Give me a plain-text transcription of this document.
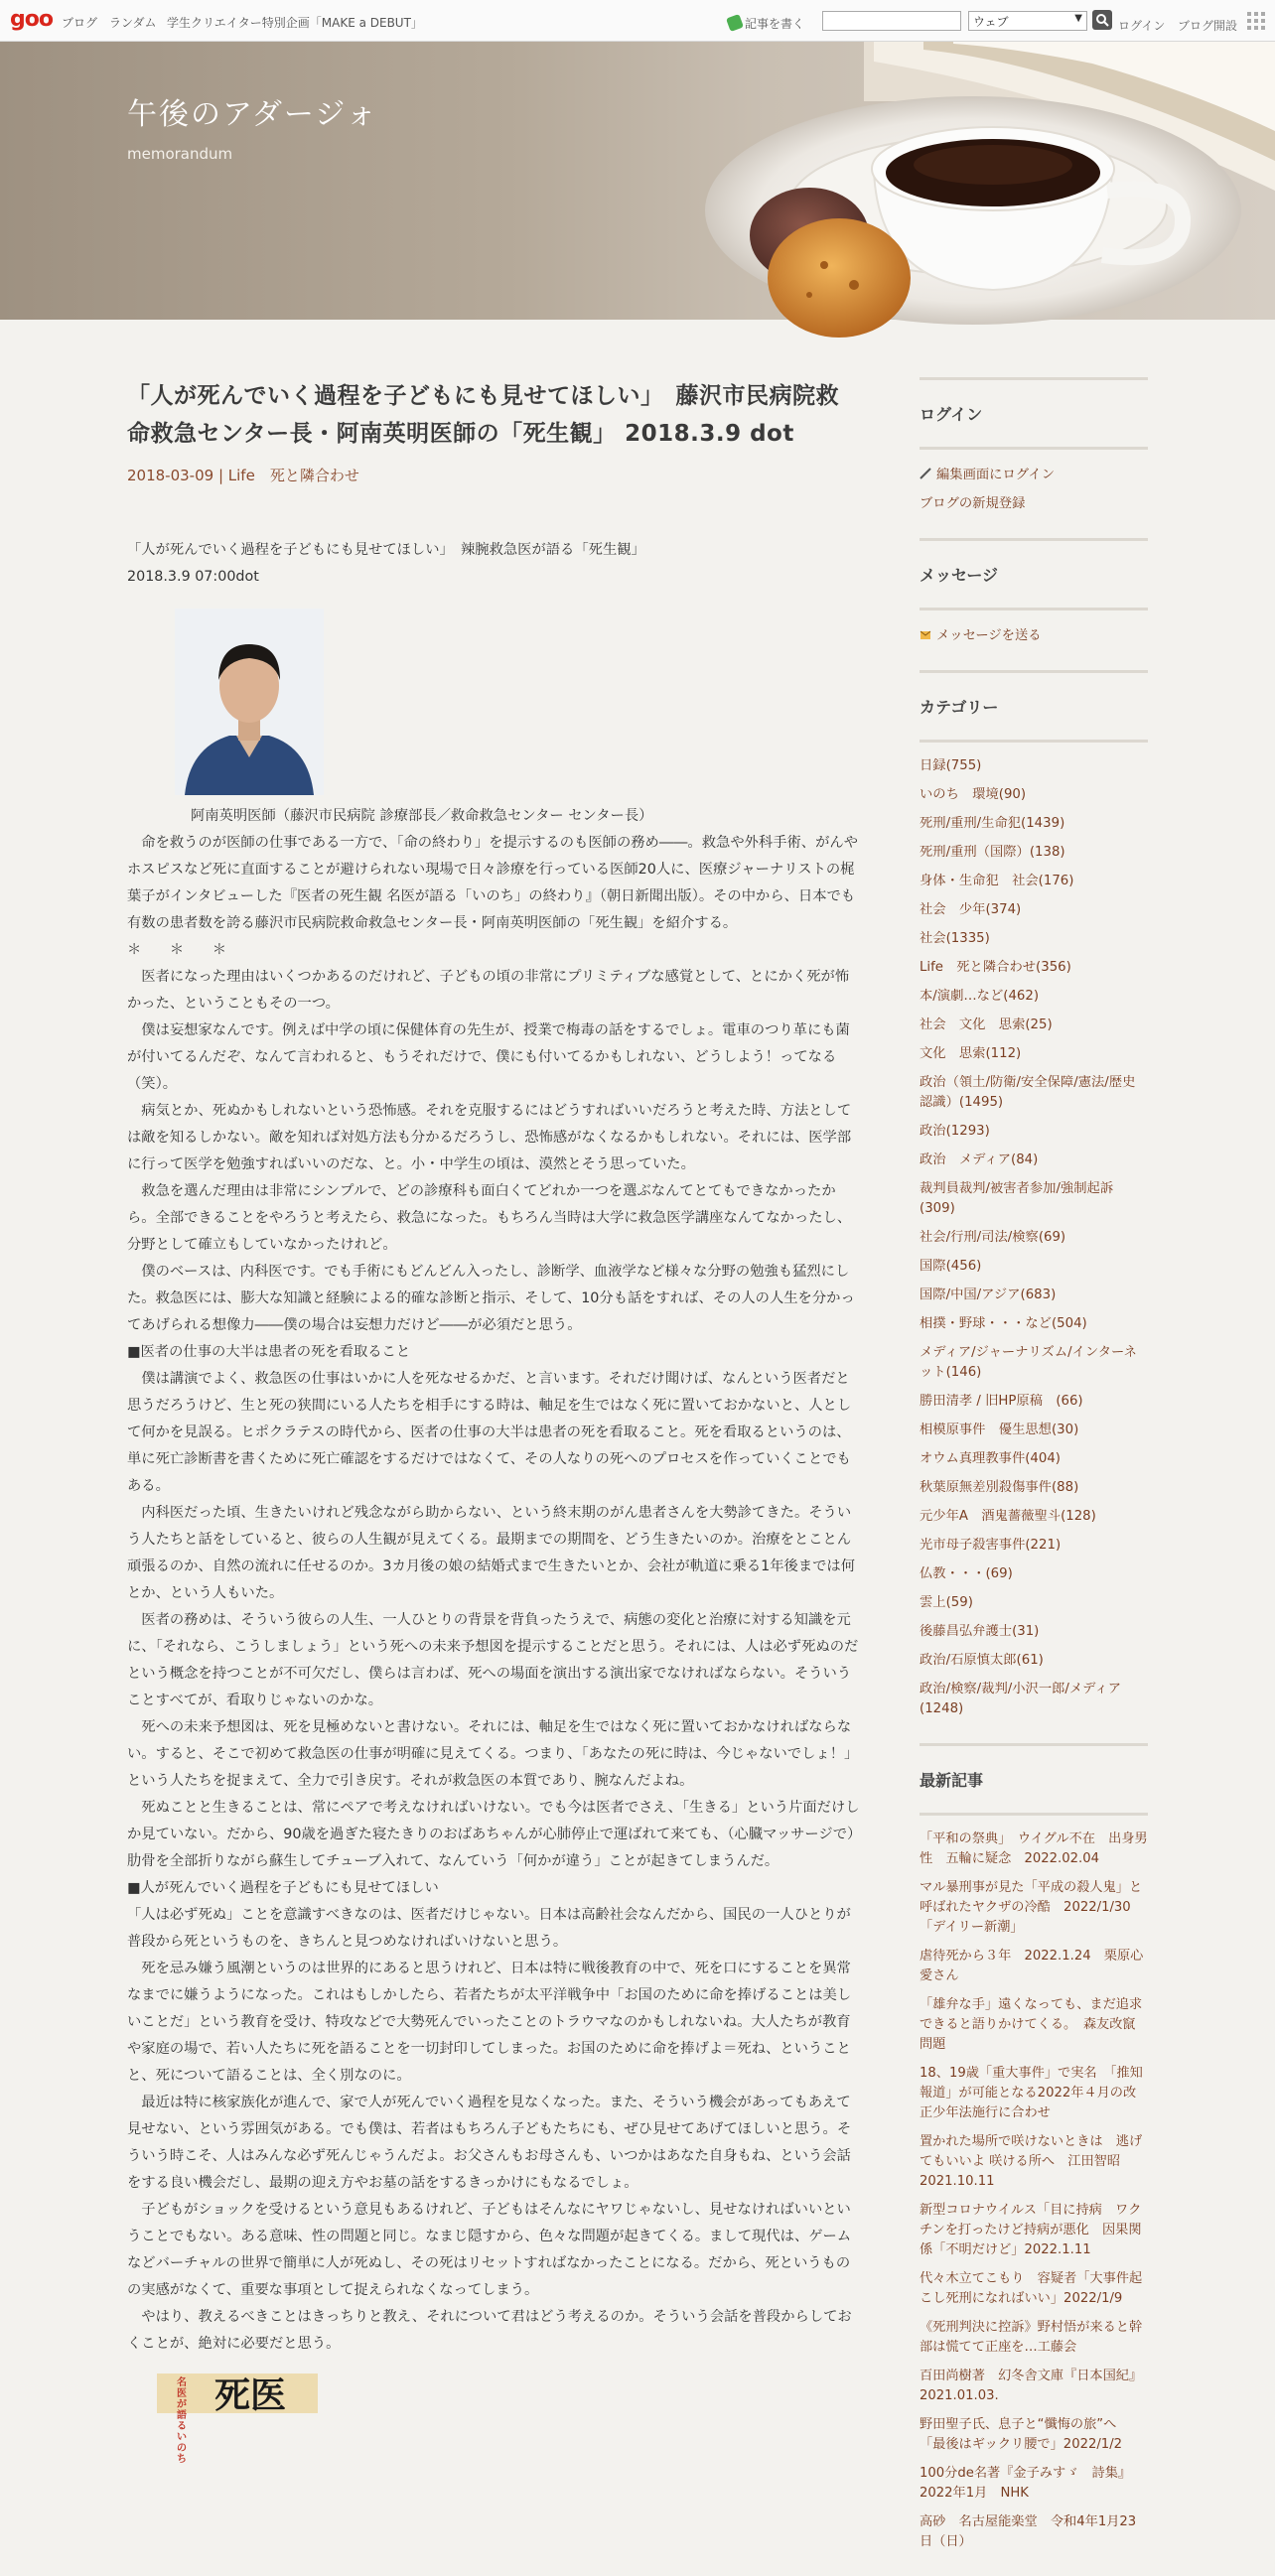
goo ブログ ランダム 学生クリエイター特別企画「MAKE a DEBUT」	記事を書く	ウェブ	▼
ログイン ブログ開設
午後のアダージォ
memorandum
「人が死んでいく過程を子どもにも見せてほしい」　藤沢市民病院救命救急センター長・阿南英明医師の「死生観」 2018.3.9 dot
2018-03-09 | Life　死と隣合わせ

「人が死んでいく過程を子どもにも見せてほしい」　辣腕救急医が語る「死生観」

2018.3.9 07:00dot

阿南英明医師（藤沢市民病院 診療部長／救命救急センター センター長）

　命を救うのが医師の仕事である一方で、「命の終わり」を提示するのも医師の務め――。救急や外科手術、がんやホスピスなど死に直面することが避けられない現場で日々診療を行っている医師20人に、医療ジャーナリストの梶葉子がインタビューした『医者の死生観 名医が語る「いのち」の終わり』（朝日新聞出版）。その中から、日本でも有数の患者数を誇る藤沢市民病院救命救急センター長・阿南英明医師の「死生観」を紹介する。

＊　　＊　　＊

　医者になった理由はいくつかあるのだけれど、子どもの頃の非常にプリミティブな感覚として、とにかく死が怖かった、ということもその一つ。

　僕は妄想家なんです。例えば中学の頃に保健体育の先生が、授業で梅毒の話をするでしょ。電車のつり革にも菌が付いてるんだぞ、なんて言われると、もうそれだけで、僕にも付いてるかもしれない、どうしよう！ってなる（笑）。

　病気とか、死ぬかもしれないという恐怖感。それを克服するにはどうすればいいだろうと考えた時、方法としては敵を知るしかない。敵を知れば対処方法も分かるだろうし、恐怖感がなくなるかもしれない。それには、医学部に行って医学を勉強すればいいのだな、と。小・中学生の頃は、漠然とそう思っていた。

　救急を選んだ理由は非常にシンプルで、どの診療科も面白くてどれか一つを選ぶなんてとてもできなかったから。全部できることをやろうと考えたら、救急になった。もちろん当時は大学に救急医学講座なんてなかったし、分野として確立もしていなかったけれど。

　僕のベースは、内科医です。でも手術にもどんどん入ったし、診断学、血液学など様々な分野の勉強も猛烈にした。救急医には、膨大な知識と経験による的確な診断と指示、そして、10分も話をすれば、その人の人生を分かってあげられる想像力――僕の場合は妄想力だけど――が必須だと思う。

■医者の仕事の大半は患者の死を看取ること

　僕は講演でよく、救急医の仕事はいかに人を死なせるかだ、と言います。それだけ聞けば、なんという医者だと思うだろうけど、生と死の狭間にいる人たちを相手にする時は、軸足を生ではなく死に置いておかないと、人として何かを見誤る。ヒポクラテスの時代から、医者の仕事の大半は患者の死を看取ること。死を看取るというのは、単に死亡診断書を書くために死亡確認をするだけではなくて、その人なりの死へのプロセスを作っていくことでもある。

　内科医だった頃、生きたいけれど残念ながら助からない、という終末期のがん患者さんを大勢診てきた。そういう人たちと話をしていると、彼らの人生観が見えてくる。最期までの期間を、どう生きたいのか。治療をとことん頑張るのか、自然の流れに任せるのか。3カ月後の娘の結婚式まで生きたいとか、会社が軌道に乗る1年後までは何とか、という人もいた。

　医者の務めは、そういう彼らの人生、一人ひとりの背景を背負ったうえで、病態の変化と治療に対する知識を元に、「それなら、こうしましょう」という死への未来予想図を提示することだと思う。それには、人は必ず死ぬのだという概念を持つことが不可欠だし、僕らは言わば、死への場面を演出する演出家でなければならない。そういうことすべてが、看取りじゃないのかな。

　死への未来予想図は、死を見極めないと書けない。それには、軸足を生ではなく死に置いておかなければならない。すると、そこで初めて救急医の仕事が明確に見えてくる。つまり、「あなたの死に時は、今じゃないでしょ！」という人たちを捉まえて、全力で引き戻す。それが救急医の本質であり、腕なんだよね。

　死ぬことと生きることは、常にペアで考えなければいけない。でも今は医者でさえ、「生きる」という片面だけしか見ていない。だから、90歳を過ぎた寝たきりのおばあちゃんが心肺停止で運ばれて来ても、（心臓マッサージで）肋骨を全部折りながら蘇生してチューブ入れて、なんていう「何かが違う」ことが起きてしまうんだ。

■人が死んでいく過程を子どもにも見せてほしい

「人は必ず死ぬ」ことを意識すべきなのは、医者だけじゃない。日本は高齢社会なんだから、国民の一人ひとりが普段から死というものを、きちんと見つめなければいけないと思う。

　死を忌み嫌う風潮というのは世界的にあると思うけれど、日本は特に戦後教育の中で、死を口にすることを異常なまでに嫌うようになった。これはもしかしたら、若者たちが太平洋戦争中「お国のために命を捧げることは美しいことだ」という教育を受け、特攻などで大勢死んでいったことのトラウマなのかもしれないね。大人たちが教育や家庭の場で、若い人たちに死を語ることを一切封印してしまった。お国のために命を捧げよ＝死ね、ということと、死について語ることは、全く別なのに。

　最近は特に核家族化が進んで、家で人が死んでいく過程を見なくなった。また、そういう機会があってもあえて見せない、という雰囲気がある。でも僕は、若者はもちろん子どもたちにも、ぜひ見せてあげてほしいと思う。そういう時こそ、人はみんな必ず死んじゃうんだよ。お父さんもお母さんも、いつかはあなた自身もね、という会話をする良い機会だし、最期の迎え方やお墓の話をするきっかけにもなるでしょ。

　子どもがショックを受けるという意見もあるけれど、子どもはそんなにヤワじゃないし、見せなければいいということでもない。ある意味、性の問題と同じ。なまじ隠すから、色々な問題が起きてくる。まして現代は、ゲームなどバーチャルの世界で簡単に人が死ぬし、その死はリセットすればなかったことになる。だから、死というものの実感がなくて、重要な事項として捉えられなくなってしまう。

　やはり、教えるべきことはきっちりと教え、それについて君はどう考えるのか。そういう会話を普段からしておくことが、絶対に必要だと思う。

名医が語るいのち
死医
ログイン
編集画面にログイン
ブログの新規登録
メッセージ
メッセージを送る
カテゴリー
日録(755)
いのち　環境(90)
死刑/重刑/生命犯(1439)
死刑/重刑（国際）(138)
身体・生命犯　社会(176)
社会　少年(374)
社会(1335)
Life　死と隣合わせ(356)
本/演劇…など(462)
社会　文化　思索(25)
文化　思索(112)
政治（領土/防衛/安全保障/憲法/歴史認識）(1495)
政治(1293)
政治　メディア(84)
裁判員裁判/被害者参加/強制起訴(309)
社会/行刑/司法/検察(69)
国際(456)
国際/中国/アジア(683)
相撲・野球・・・など(504)
メディア/ジャーナリズム/インターネット(146)
勝田清孝 / 旧HP原稿　(66)
相模原事件　優生思想(30)
オウム真理教事件(404)
秋葉原無差別殺傷事件(88)
元少年A　酒鬼薔薇聖斗(128)
光市母子殺害事件(221)
仏教・・・(69)
雲上(59)
後藤昌弘弁護士(31)
政治/石原慎太郎(61)
政治/検察/裁判/小沢一郎/メディア(1248)
最新記事
「平和の祭典」　ウイグル不在　出身男性　五輪に疑念　2022.02.04
マル暴刑事が見た「平成の殺人鬼」と呼ばれたヤクザの冷酷　2022/1/30「デイリー新潮」
虐待死から３年　2022.1.24　栗原心愛さん
「雄弁な手」遠くなっても、まだ追求できると語りかけてくる。　森友改竄問題
18、19歳「重大事件」で実名　「推知報道」が可能となる2022年４月の改正少年法施行に合わせ
置かれた場所で咲けないときは　逃げてもいいよ 咲ける所へ　江田智昭 2021.10.11
新型コロナウイルス「目に持病　ワクチンを打ったけど持病が悪化　因果関係「不明だけど」2022.1.11
代々木立てこもり　容疑者「大事件起こし死刑になればいい」2022/1/9
《死刑判決に控訴》野村悟が来ると幹部は慌てて正座を…工藤会
百田尚樹著　幻冬舎文庫『日本国紀』2021.01.03.
野田聖子氏、息子と“懺悔の旅”へ　「最後はギックリ腰で」2022/1/2
100分de名著『金子みすゞ　詩集』2022年1月　NHK
高砂　名古屋能楽堂　令和4年1月23日（日）
